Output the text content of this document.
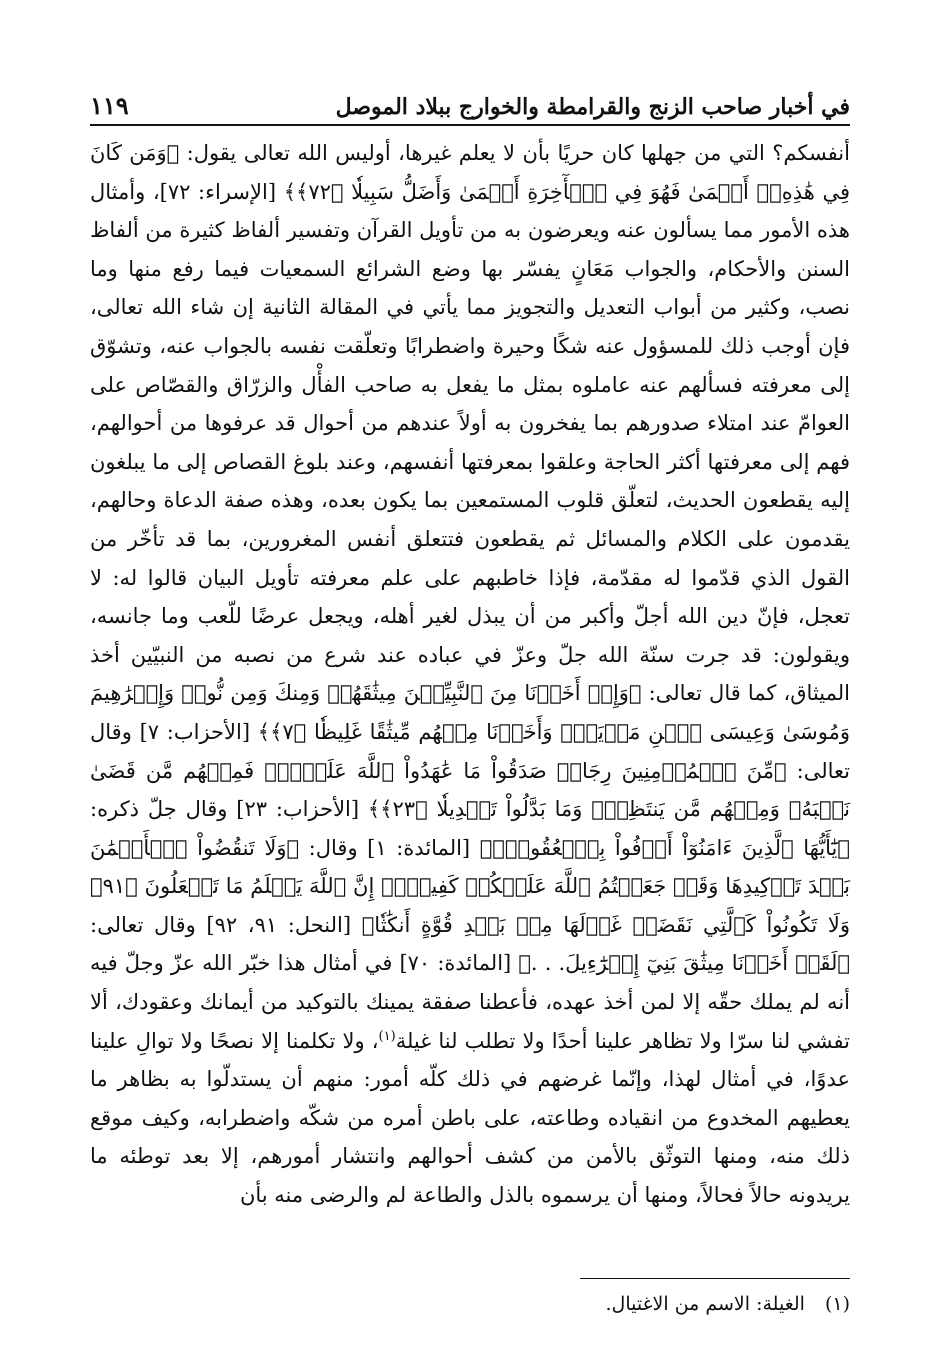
في أخبار صاحب الزنج والقرامطة والخوارج ببلاد الموصل
١١٩

أنفسكم؟ التي من جهلها كان حريًا بأن لا يعلم غيرها، أوليس الله تعالى يقول: ﴿وَمَن كَانَ فِي هَٰذِهِۦٓ أَعۡمَىٰ فَهُوَ فِي ٱلۡأٓخِرَةِ أَعۡمَىٰ وَأَضَلُّ سَبِيلٗا ﴿٧٢﴾﴾ [الإسراء: ٧٢]، وأمثال هذه الأمور مما يسألون عنه ويعرضون به من تأويل القرآن وتفسير ألفاظ كثيرة من ألفاظ السنن والأحكام، والجواب مَعَانٍ يفسّر بها وضع الشرائع السمعيات فيما رفع منها وما نصب، وكثير من أبواب التعديل والتجويز مما يأتي في المقالة الثانية إن شاء الله تعالى، فإن أوجب ذلك للمسؤول عنه شكًا وحيرة واضطرابًا وتعلّقت نفسه بالجواب عنه، وتشوّق إلى معرفته فسألهم عنه عاملوه بمثل ما يفعل به صاحب الفأْل والزرّاق والقصّاص على العوامّ عند امتلاء صدورهم بما يفخرون به أولاً عندهم من أحوال قد عرفوها من أحوالهم، فهم إلى معرفتها أكثر الحاجة وعلقوا بمعرفتها أنفسهم، وعند بلوغ القصاص إلى ما يبلغون إليه يقطعون الحديث، لتعلّق قلوب المستمعين بما يكون بعده، وهذه صفة الدعاة وحالهم، يقدمون على الكلام والمسائل ثم يقطعون فتتعلق أنفس المغرورين، بما قد تأخّر من القول الذي قدّموا له مقدّمة، فإذا خاطبهم على علم معرفته تأويل البيان قالوا له: لا تعجل، فإنّ دين الله أجلّ وأكبر من أن يبذل لغير أهله، ويجعل عرضًا للّعب وما جانسه، ويقولون: قد جرت سنّة الله جلّ وعزّ في عباده عند شرع من نصبه من النبيّين أخذ الميثاق، كما قال تعالى: ﴿وَإِذۡ أَخَذۡنَا مِنَ ٱلنَّبِيِّـۧنَ مِيثَٰقَهُمۡ وَمِنكَ وَمِن نُّوحٖ وَإِبۡرَٰهِيمَ وَمُوسَىٰ وَعِيسَى ٱبۡنِ مَرۡيَمَۖ وَأَخَذۡنَا مِنۡهُم مِّيثَٰقًا غَلِيظٗا ﴿٧﴾﴾ [الأحزاب: ٧] وقال تعالى: ﴿مِّنَ ٱلۡمُؤۡمِنِينَ رِجَالٞ صَدَقُواْ مَا عَٰهَدُواْ ٱللَّهَ عَلَيۡهِۖ فَمِنۡهُم مَّن قَضَىٰ نَحۡبَهُۥ وَمِنۡهُم مَّن يَنتَظِرُۖ وَمَا بَدَّلُواْ تَبۡدِيلٗا ﴿٢٣﴾﴾ [الأحزاب: ٢٣] وقال جلّ ذكره: ﴿يَٰٓأَيُّهَا ٱلَّذِينَ ءَامَنُوٓاْ أَوۡفُواْ بِٱلۡعُقُودِۚ﴾ [المائدة: ١] وقال: ﴿وَلَا تَنقُضُواْ ٱلۡأَيۡمَٰنَ بَعۡدَ تَوۡكِيدِهَا وَقَدۡ جَعَلۡتُمُ ٱللَّهَ عَلَيۡكُمۡ كَفِيلًاۚ إِنَّ ٱللَّهَ يَعۡلَمُ مَا تَفۡعَلُونَ ﴿٩١﴾ وَلَا تَكُونُواْ كَٱلَّتِي نَقَضَتۡ غَزۡلَهَا مِنۢ بَعۡدِ قُوَّةٍ أَنكَٰثٗا﴾ [النحل: ٩١، ٩٢] وقال تعالى: ﴿لَقَدۡ أَخَذۡنَا مِيثَٰقَ بَنِيٓ إِسۡرَٰٓءِيلَ. . .﴾ [المائدة: ٧٠] في أمثال هذا خبّر الله عزّ وجلّ فيه أنه لم يملك حقّه إلا لمن أخذ عهده، فأعطنا صفقة يمينك بالتوكيد من أيمانك وعقودك، ألا تفشي لنا سرّا ولا تظاهر علينا أحدًا ولا تطلب لنا غيلة$^{(١)}$، ولا تكلمنا إلا نصحًا ولا توالِ علينا عدوًا، في أمثال لهذا، وإنّما غرضهم في ذلك كلّه أمور: منهم أن يستدلّوا به بظاهر ما يعطيهم المخدوع من انقياده وطاعته، على باطن أمره من شكّه واضطرابه، وكيف موقع ذلك منه، ومنها التوثّق بالأمن من كشف أحوالهم وانتشار أمورهم، إلا بعد توطئه ما يريدونه حالاً فحالاً، ومنها أن يرسموه بالذل والطاعة لم والرضى منه بأن

(١)
الغيلة: الاسم من الاغتيال.
